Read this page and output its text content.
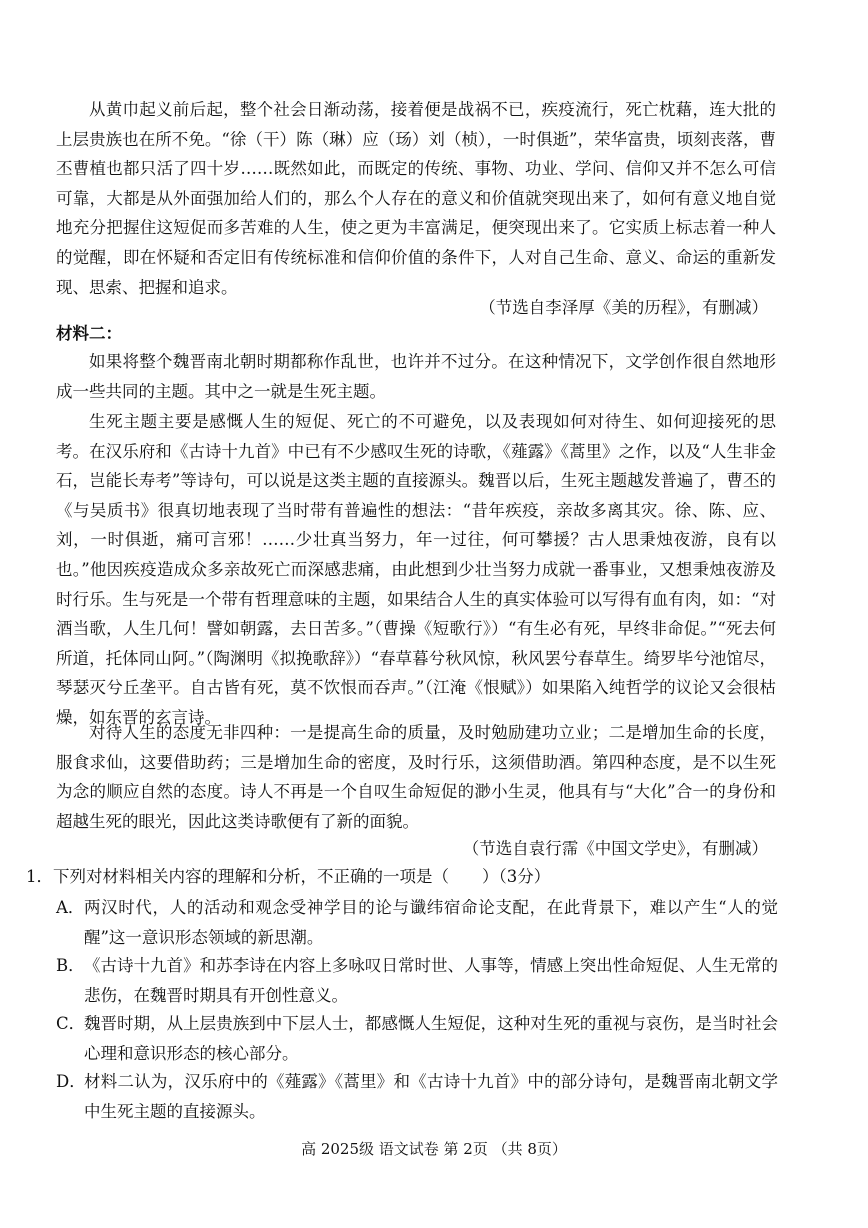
从黄巾起义前后起，整个社会日渐动荡，接着便是战祸不已，疾疫流行，死亡枕藉，连大批的上层贵族也在所不免。“徐（干）陈（琳）应（玚）刘（桢），一时俱逝”，荣华富贵，顷刻丧落，曹丕曹植也都只活了四十岁……既然如此，而既定的传统、事物、功业、学问、信仰又并不怎么可信可靠，大都是从外面强加给人们的，那么个人存在的意义和价值就突现出来了，如何有意义地自觉地充分把握住这短促而多苦难的人生，使之更为丰富满足，便突现出来了。它实质上标志着一种人的觉醒，即在怀疑和否定旧有传统标准和信仰价值的条件下，人对自己生命、意义、命运的重新发现、思索、把握和追求。

（节选自李泽厚《美的历程》，有删减）

材料二：

如果将整个魏晋南北朝时期都称作乱世，也许并不过分。在这种情况下，文学创作很自然地形成一些共同的主题。其中之一就是生死主题。

生死主题主要是感慨人生的短促、死亡的不可避免，以及表现如何对待生、如何迎接死的思考。在汉乐府和《古诗十九首》中已有不少感叹生死的诗歌，《薤露》《蒿里》之作，以及“人生非金石，岂能长寿考”等诗句，可以说是这类主题的直接源头。魏晋以后，生死主题越发普遍了，曹丕的《与吴质书》很真切地表现了当时带有普遍性的想法：“昔年疾疫，亲故多离其灾。徐、陈、应、刘，一时俱逝，痛可言邪！……少壮真当努力，年一过往，何可攀援？古人思秉烛夜游，良有以也。”他因疾疫造成众多亲故死亡而深感悲痛，由此想到少壮当努力成就一番事业，又想秉烛夜游及时行乐。生与死是一个带有哲理意味的主题，如果结合人生的真实体验可以写得有血有肉，如：“对酒当歌，人生几何！譬如朝露，去日苦多。”（曹操《短歌行》）“有生必有死，早终非命促。”“死去何所道，托体同山阿。”（陶渊明《拟挽歌辞》）“春草暮兮秋风惊，秋风罢兮春草生。绮罗毕兮池馆尽，琴瑟灭兮丘垄平。自古皆有死，莫不饮恨而吞声。”（江淹《恨赋》）如果陷入纯哲学的议论又会很枯燥，如东晋的玄言诗。

对待人生的态度无非四种：一是提高生命的质量，及时勉励建功立业；二是增加生命的长度，服食求仙，这要借助药；三是增加生命的密度，及时行乐，这须借助酒。第四种态度，是不以生死为念的顺应自然的态度。诗人不再是一个自叹生命短促的渺小生灵，他具有与“大化”合一的身份和超越生死的眼光，因此这类诗歌便有了新的面貌。

（节选自袁行霈《中国文学史》，有删减）

1．下列对材料相关内容的理解和分析，不正确的一项是（　　）（3分）

A． 两汉时代，人的活动和观念受神学目的论与谶纬宿命论支配，在此背景下，难以产生“人的觉醒”这一意识形态领域的新思潮。
B． 《古诗十九首》和苏李诗在内容上多咏叹日常时世、人事等，情感上突出性命短促、人生无常的悲伤，在魏晋时期具有开创性意义。
C．
魏晋时期，从上层贵族到中下层人士，都感慨人生短促，这种对生死的重视与哀伤，是当时社会心理和意识形态的核心部分。
D．
材料二认为，汉乐府中的《薤露》《蒿里》和《古诗十九首》中的部分诗句，是魏晋南北朝文学中生死主题的直接源头。
高 2025级 语文试卷 第 2页 （共 8页）
